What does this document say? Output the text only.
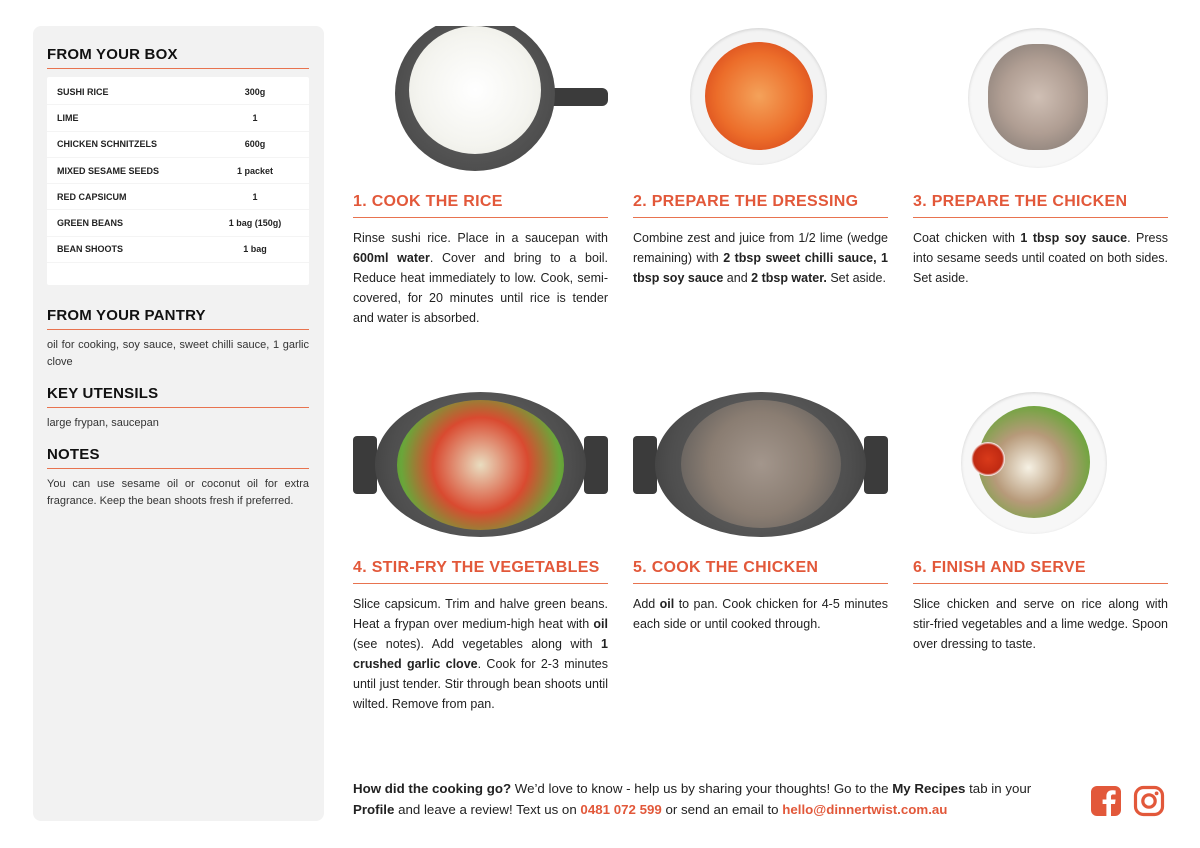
FROM YOUR BOX
SUSHI RICE	300g
LIME	1
CHICKEN SCHNITZELS	600g
MIXED SESAME SEEDS	1 packet
RED CAPSICUM	1
GREEN BEANS	1 bag (150g)
BEAN SHOOTS	1 bag
FROM YOUR PANTRY
oil for cooking, soy sauce, sweet chilli sauce, 1 garlic clove
KEY UTENSILS
large frypan, saucepan
NOTES
You can use sesame oil or coconut oil for extra fragrance. Keep the bean shoots fresh if preferred.
1. COOK THE RICE
Rinse sushi rice. Place in a saucepan with 600ml water. Cover and bring to a boil. Reduce heat immediately to low. Cook, semi-covered, for 20 minutes until rice is tender and water is absorbed.
2. PREPARE THE DRESSING
Combine zest and juice from 1/2 lime (wedge remaining) with 2 tbsp sweet chilli sauce, 1 tbsp soy sauce and 2 tbsp water. Set aside.
3. PREPARE THE CHICKEN
Coat chicken with 1 tbsp soy sauce. Press into sesame seeds until coated on both sides. Set aside.
4. STIR-FRY THE VEGETABLES
Slice capsicum. Trim and halve green beans. Heat a frypan over medium-high heat with oil (see notes). Add vegetables along with 1 crushed garlic clove. Cook for 2-3 minutes until just tender. Stir through bean shoots until wilted. Remove from pan.
5. COOK THE CHICKEN
Add oil to pan. Cook chicken for 4-5 minutes each side or until cooked through.
6. FINISH AND SERVE
Slice chicken and serve on rice along with stir-fried vegetables and a lime wedge. Spoon over dressing to taste.
How did the cooking go? We’d love to know - help us by sharing your thoughts! Go to the My Recipes tab in your Profile and leave a review! Text us on 0481 072 599 or send an email to hello@dinnertwist.com.au
